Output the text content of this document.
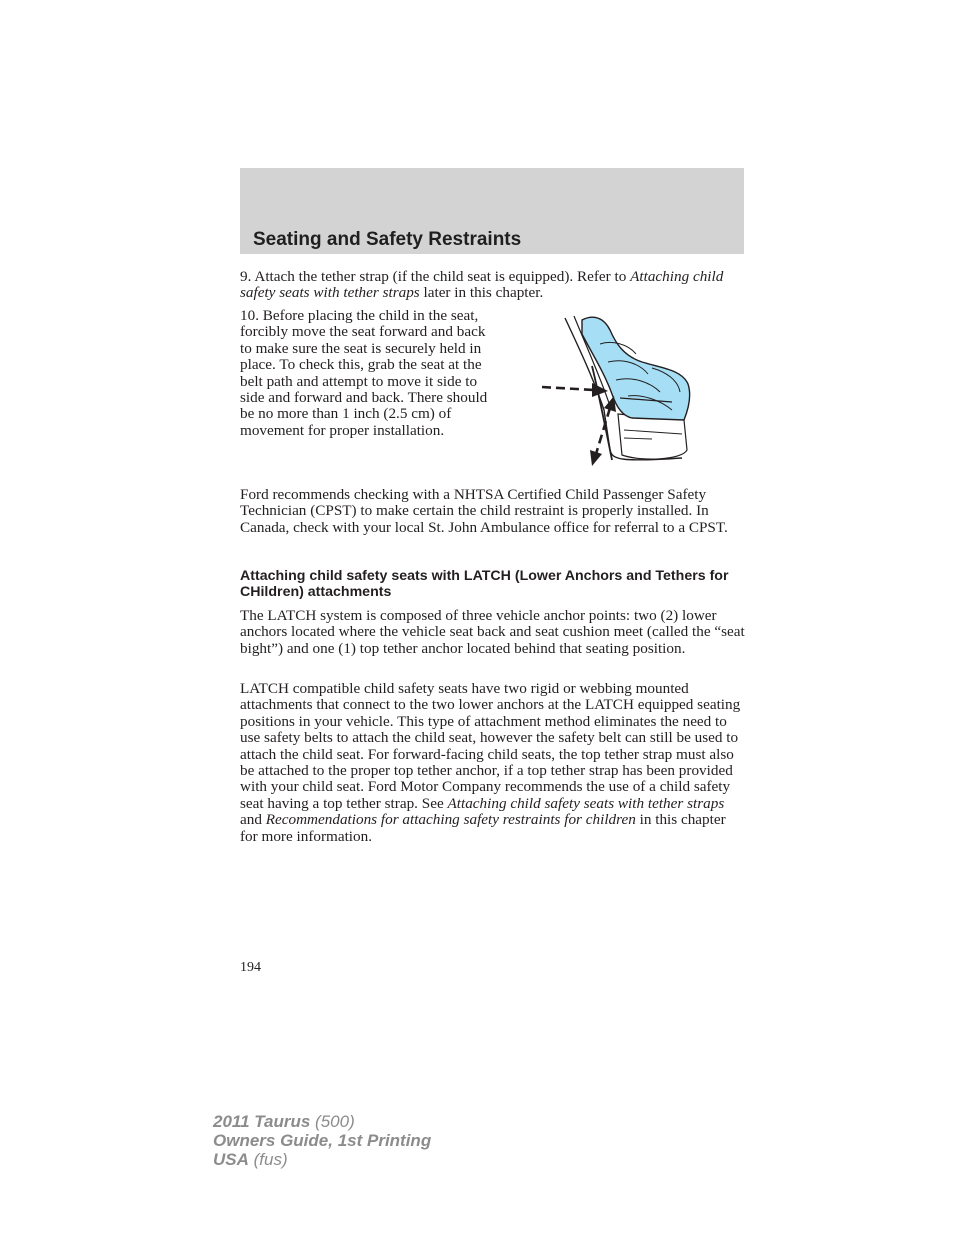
Seating and Safety Restraints

9. Attach the tether strap (if the child seat is equipped). Refer to Attaching child safety seats with tether straps later in this chapter.

10. Before placing the child in the seat, forcibly move the seat forward and back to make sure the seat is securely held in place. To check this, grab the seat at the belt path and attempt to move it side to side and forward and back. There should be no more than 1 inch (2.5 cm) of movement for proper installation.

Ford recommends checking with a NHTSA Certified Child Passenger Safety Technician (CPST) to make certain the child restraint is properly installed. In Canada, check with your local St. John Ambulance office for referral to a CPST.

Attaching child safety seats with LATCH (Lower Anchors and Tethers for CHildren) attachments

The LATCH system is composed of three vehicle anchor points: two (2) lower anchors located where the vehicle seat back and seat cushion meet (called the “seat bight”) and one (1) top tether anchor located behind that seating position.

LATCH compatible child safety seats have two rigid or webbing mounted attachments that connect to the two lower anchors at the LATCH equipped seating positions in your vehicle. This type of attachment method eliminates the need to use safety belts to attach the child seat, however the safety belt can still be used to attach the child seat. For forward-facing child seats, the top tether strap must also be attached to the proper top tether anchor, if a top tether strap has been provided with your child seat. Ford Motor Company recommends the use of a child safety seat having a top tether strap. See Attaching child safety seats with tether straps and Recommendations for attaching safety restraints for children in this chapter for more information.

194

2011 Taurus (500)
Owners Guide, 1st Printing
USA (fus)
